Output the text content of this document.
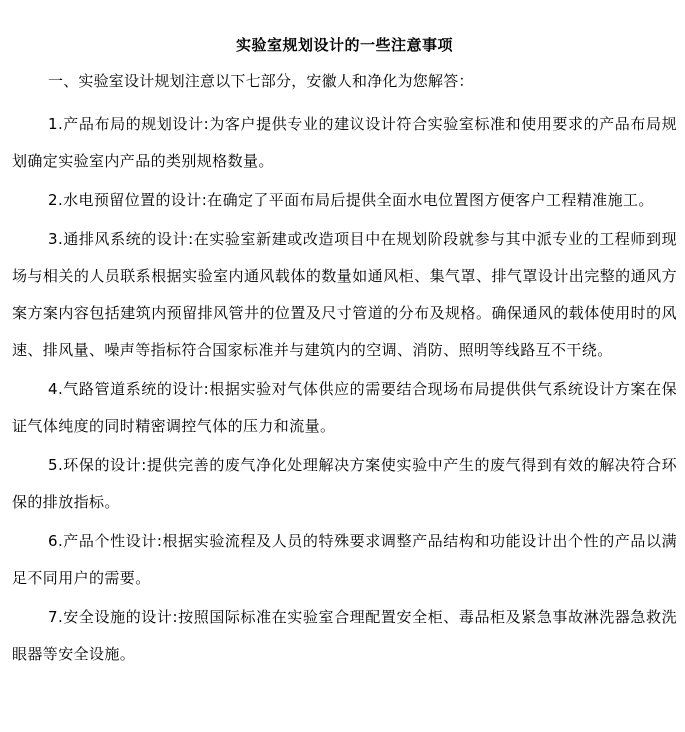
实验室规划设计的一些注意事项

一、实验室设计规划注意以下七部分，安徽人和净化为您解答：

1.产品布局的规划设计:为客户提供专业的建议设计符合实验室标准和使用要求的产品布局规划确定实验室内产品的类别规格数量。

2.水电预留位置的设计:在确定了平面布局后提供全面水电位置图方便客户工程精准施工。

3.通排风系统的设计:在实验室新建或改造项目中在规划阶段就参与其中派专业的工程师到现场与相关的人员联系根据实验室内通风载体的数量如通风柜、集气罩、排气罩设计出完整的通风方案方案内容包括建筑内预留排风管井的位置及尺寸管道的分布及规格。确保通风的载体使用时的风速、排风量、噪声等指标符合国家标准并与建筑内的空调、消防、照明等线路互不干绕。

4.气路管道系统的设计:根据实验对气体供应的需要结合现场布局提供供气系统设计方案在保证气体纯度的同时精密调控气体的压力和流量。

5.环保的设计:提供完善的废气净化处理解决方案使实验中产生的废气得到有效的解决符合环保的排放指标。

6.产品个性设计:根据实验流程及人员的特殊要求调整产品结构和功能设计出个性的产品以满足不同用户的需要。

7.安全设施的设计:按照国际标准在实验室合理配置安全柜、毒品柜及紧急事故淋洗器急救洗眼器等安全设施。
